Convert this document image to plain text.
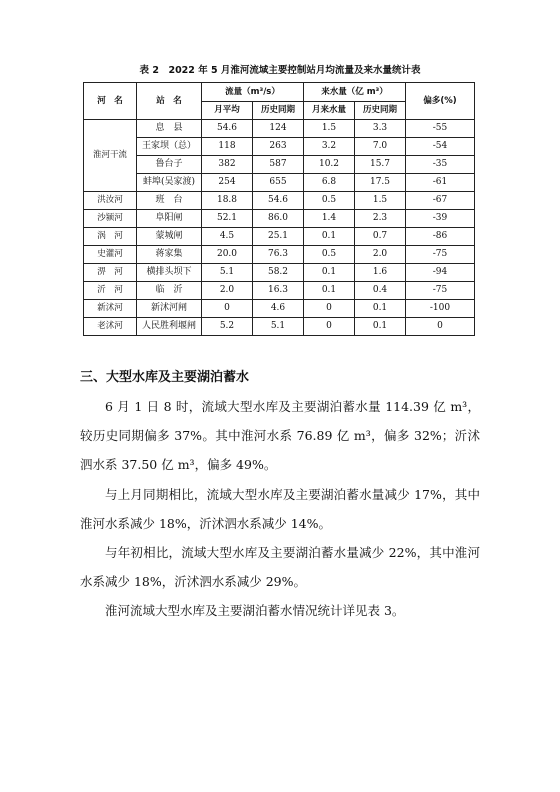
表 2　2022 年 5 月淮河流域主要控制站月均流量及来水量统计表
河　名	站　名	流量（m³/s）		来水量（亿 m³）		偏多(%)
		月平均	历史同期	月来水量	历史同期	
淮河干流	息　县	54.6	124	1.5	3.3	-55
	王家坝（总）	118	263	3.2	7.0	-54
	鲁台子	382	587	10.2	15.7	-35
	蚌埠(吴家渡)	254	655	6.8	17.5	-61
洪汝河	班　台	18.8	54.6	0.5	1.5	-67
沙颍河	阜阳闸	52.1	86.0	1.4	2.3	-39
涡　河	蒙城闸	4.5	25.1	0.1	0.7	-86
史灌河	蒋家集	20.0	76.3	0.5	2.0	-75
淠　河	横排头坝下	5.1	58.2	0.1	1.6	-94
沂　河	临　沂	2.0	16.3	0.1	0.4	-75
新沭河	新沭河闸	0	4.6	0	0.1	-100
老沭河	人民胜利堰闸	5.2	5.1	0	0.1	0
三、大型水库及主要湖泊蓄水
6 月 1 日 8 时，流域大型水库及主要湖泊蓄水量 114.39 亿 m³，较历史同期偏多 37%。其中淮河水系 76.89 亿 m³，偏多 32%；沂沭泗水系 37.50 亿 m³，偏多 49%。
与上月同期相比，流域大型水库及主要湖泊蓄水量减少 17%，其中淮河水系减少 18%，沂沭泗水系减少 14%。
与年初相比，流域大型水库及主要湖泊蓄水量减少 22%，其中淮河水系减少 18%，沂沭泗水系减少 29%。
淮河流域大型水库及主要湖泊蓄水情况统计详见表 3。
